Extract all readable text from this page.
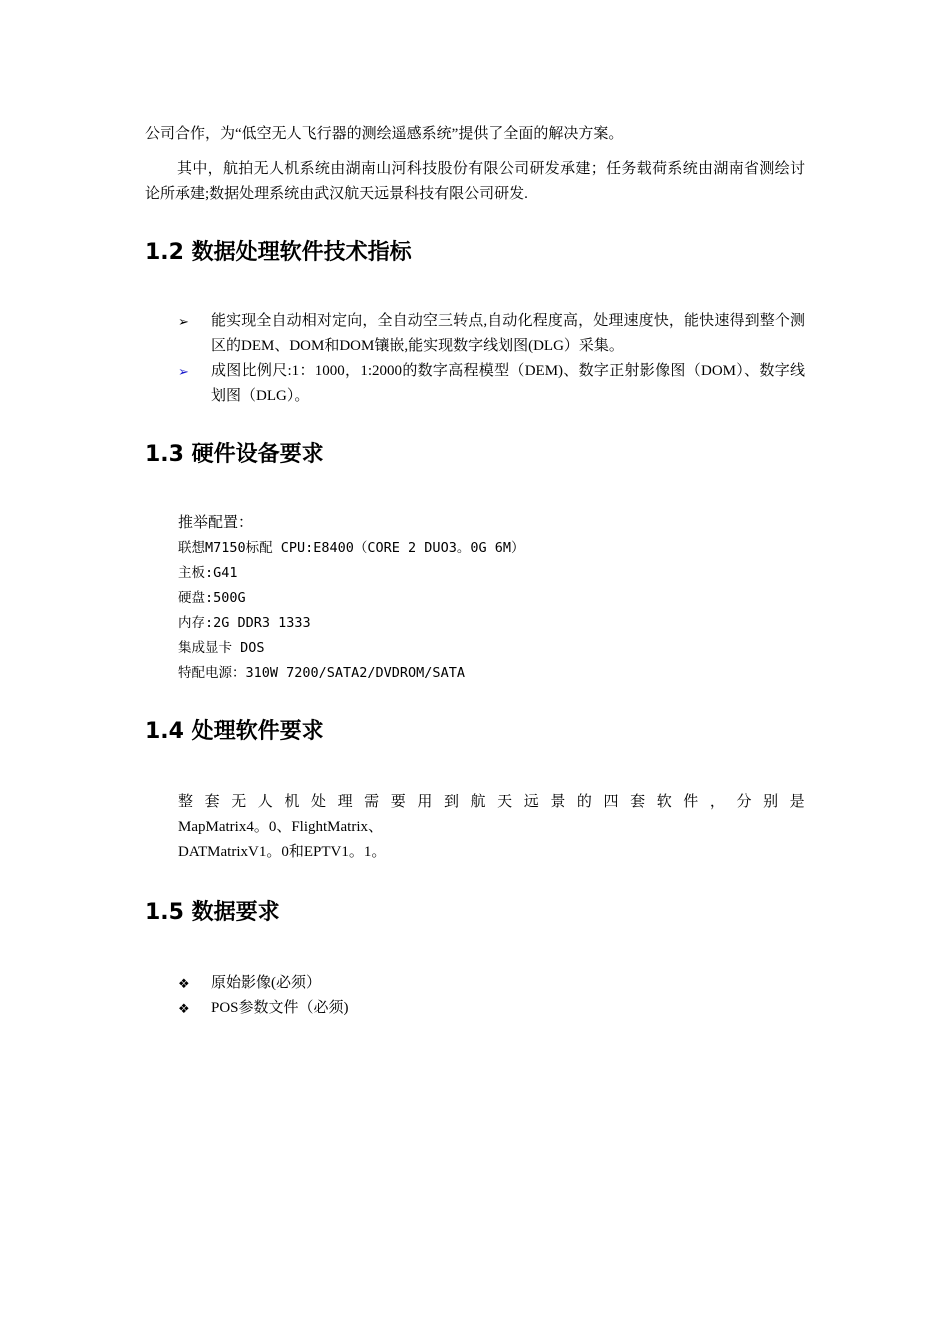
公司合作，为“低空无人飞行器的测绘遥感系统”提供了全面的解决方案。

其中，航拍无人机系统由湖南山河科技股份有限公司研发承建；任务载荷系统由湖南省测绘讨论所承建;数据处理系统由武汉航天远景科技有限公司研发.

1.2 数据处理软件技术指标
➢	能实现全自动相对定向，全自动空三转点,自动化程度高，处理速度快，能快速得到整个测区的DEM、DOM和DOM镶嵌,能实现数字线划图(DLG）采集。
➢	成图比例尺:1：1000，1:2000的数字高程模型（DEM)、数字正射影像图（DOM）、数字线划图（DLG）。
1.3 硬件设备要求
推举配置：
联想M7150标配 CPU:E8400（CORE 2 DUO3。0G 6M）
主板:G41
硬盘:500G
内存:2G DDR3 1333
集成显卡 DOS
特配电源：310W 7200/SATA2/DVDROM/SATA
1.4 处理软件要求
整 套 无 人 机 处 理 需 要 用 到 航 天 远 景 的 四 套 软 件 ， 分 别 是
MapMatrix4。0、FlightMatrix、
DATMatrixV1。0和EPTV1。1。
1.5 数据要求
❖ 原始影像(必须）
❖ POS参数文件（必须)
